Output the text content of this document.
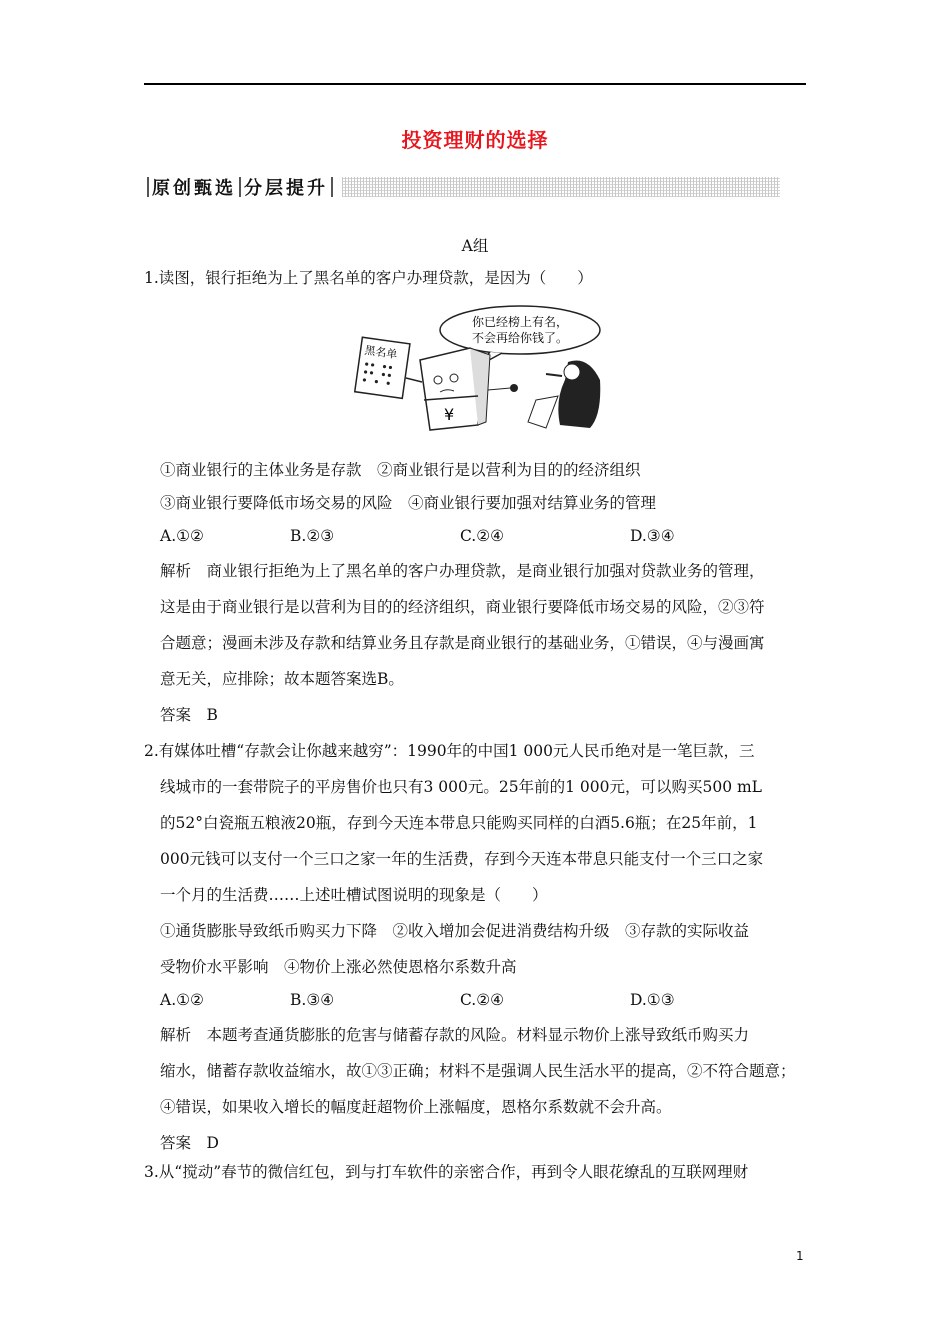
投资理财的选择
原创甄选 分层提升
A组
1.读图，银行拒绝为上了黑名单的客户办理贷款，是因为（　　）
你已经榜上有名，
不会再给你钱了。
黑名单
¥
①商业银行的主体业务是存款　②商业银行是以营利为目的的经济组织
③商业银行要降低市场交易的风险　④商业银行要加强对结算业务的管理
A.①②	B.②③	C.②④	D.③④
解析　商业银行拒绝为上了黑名单的客户办理贷款，是商业银行加强对贷款业务的管理，
这是由于商业银行是以营利为目的的经济组织，商业银行要降低市场交易的风险，②③符
合题意；漫画未涉及存款和结算业务且存款是商业银行的基础业务，①错误，④与漫画寓
意无关，应排除；故本题答案选B。
答案　B
2.有媒体吐槽“存款会让你越来越穷”：1990年的中国1 000元人民币绝对是一笔巨款，三
线城市的一套带院子的平房售价也只有3 000元。25年前的1 000元，可以购买500 mL
的52°白瓷瓶五粮液20瓶，存到今天连本带息只能购买同样的白酒5.6瓶；在25年前，1
000元钱可以支付一个三口之家一年的生活费，存到今天连本带息只能支付一个三口之家
一个月的生活费……上述吐槽试图说明的现象是（　　）
①通货膨胀导致纸币购买力下降　②收入增加会促进消费结构升级　③存款的实际收益
受物价水平影响　④物价上涨必然使恩格尔系数升高
A.①②	B.③④	C.②④	D.①③
解析　本题考查通货膨胀的危害与储蓄存款的风险。材料显示物价上涨导致纸币购买力
缩水，储蓄存款收益缩水，故①③正确；材料不是强调人民生活水平的提高，②不符合题意；
④错误，如果收入增长的幅度赶超物价上涨幅度，恩格尔系数就不会升高。
答案　D
3.从“搅动”春节的微信红包，到与打车软件的亲密合作，再到令人眼花缭乱的互联网理财
1
